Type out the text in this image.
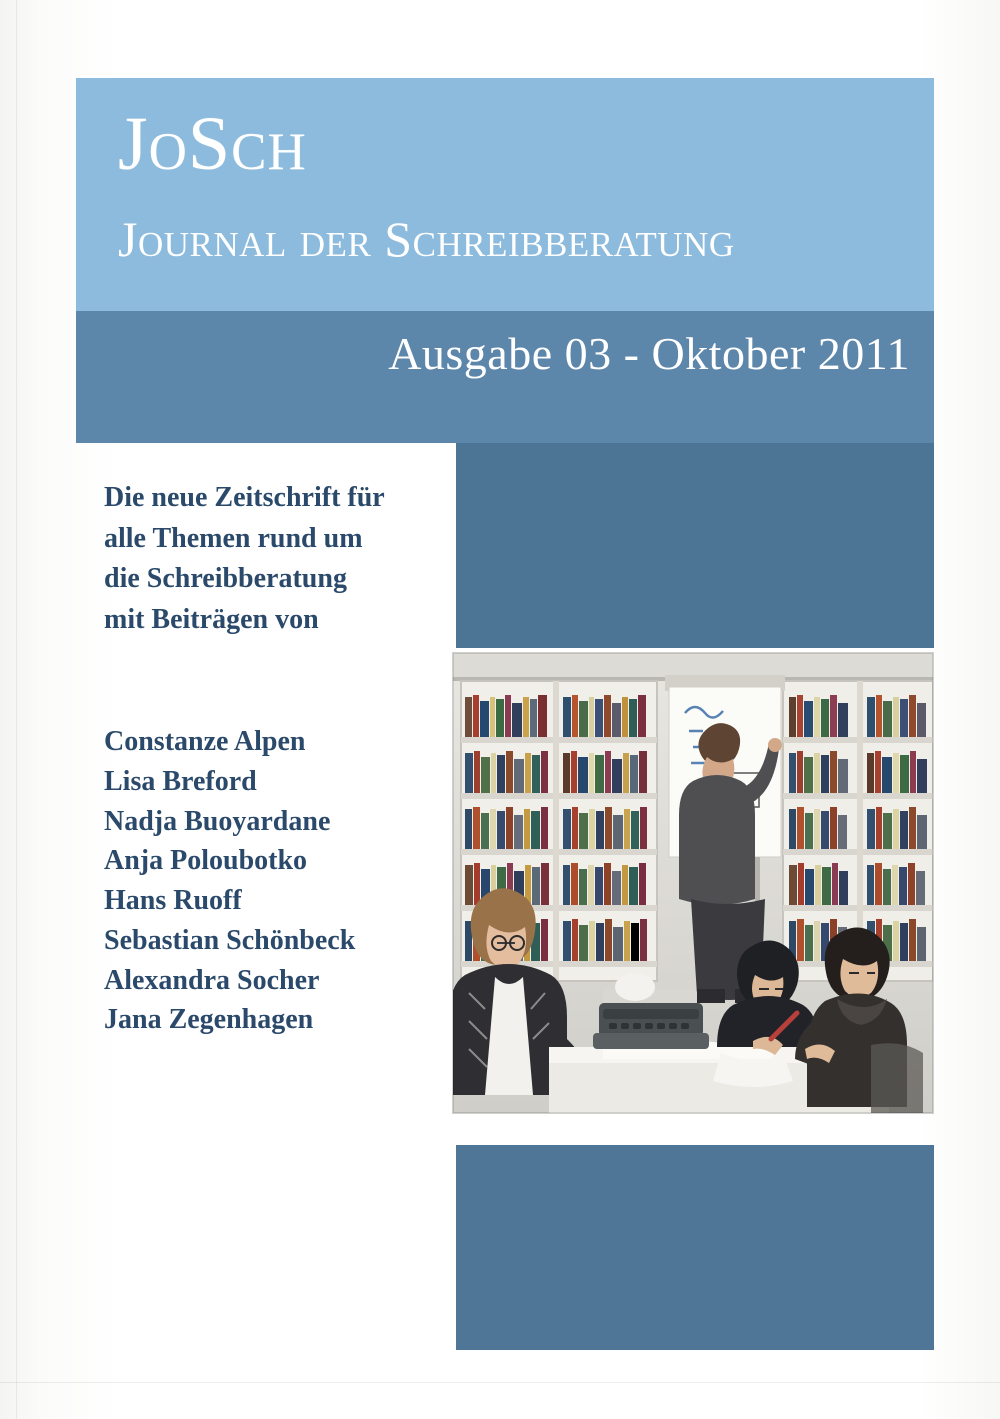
JoSch
Journal der Schreibberatung
Ausgabe 03 - Oktober 2011
Die neue Zeitschrift für
alle Themen rund um
die Schreibberatung
mit Beiträgen von
Constanze Alpen
Lisa Breford
Nadja Buoyardane
Anja Poloubotko
Hans Ruoff
Sebastian Schönbeck
Alexandra Socher
Jana Zegenhagen
